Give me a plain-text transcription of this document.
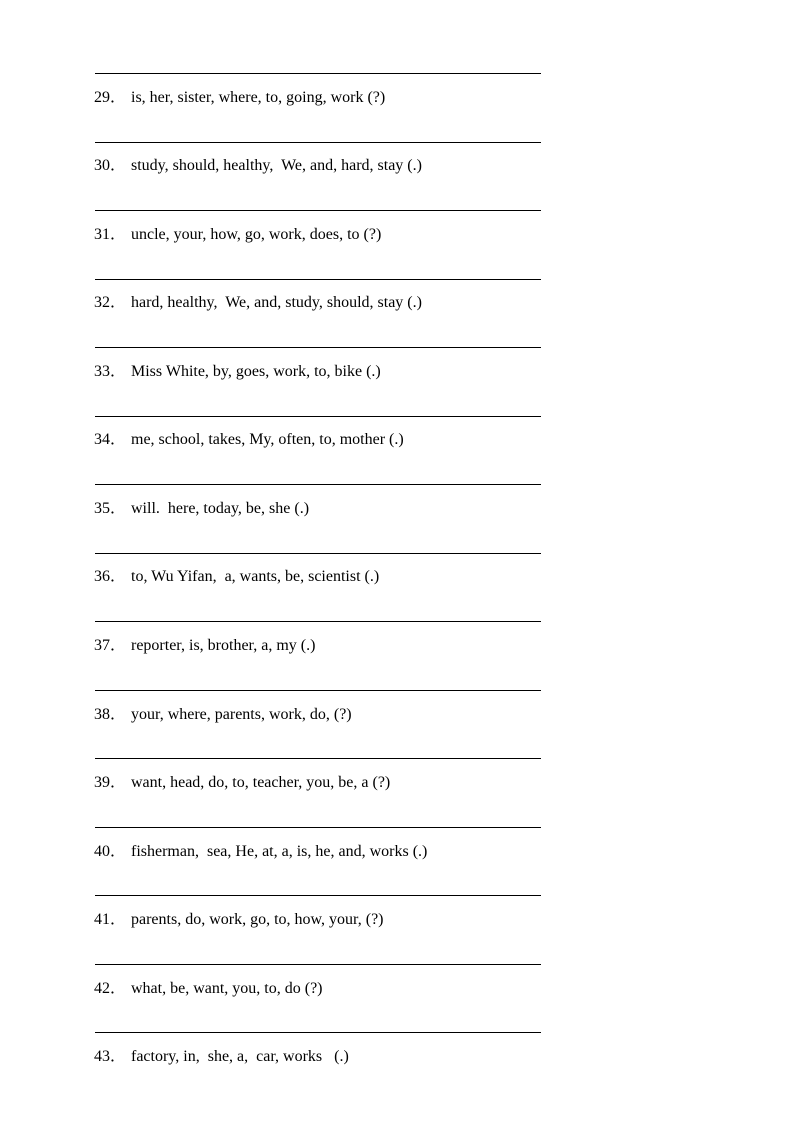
29． is, her, sister, where, to, going, work (?)
30． study, should, healthy,  We, and, hard, stay (.)
31． uncle, your, how, go, work, does, to (?)
32． hard, healthy,  We, and, study, should, stay (.)
33． Miss White, by, goes, work, to, bike (.)
34． me, school, takes, My, often, to, mother (.)
35． will.  here, today, be, she (.)
36． to, Wu Yifan,  a, wants, be, scientist (.)
37． reporter, is, brother, a, my (.)
38． your, where, parents, work, do, (?)
39． want, head, do, to, teacher, you, be, a (?)
40． fisherman,  sea, He, at, a, is, he, and, works (.)
41． parents, do, work, go, to, how, your, (?)
42． what, be, want, you, to, do (?)
43． factory, in,  she, a,  car, works   (.)
